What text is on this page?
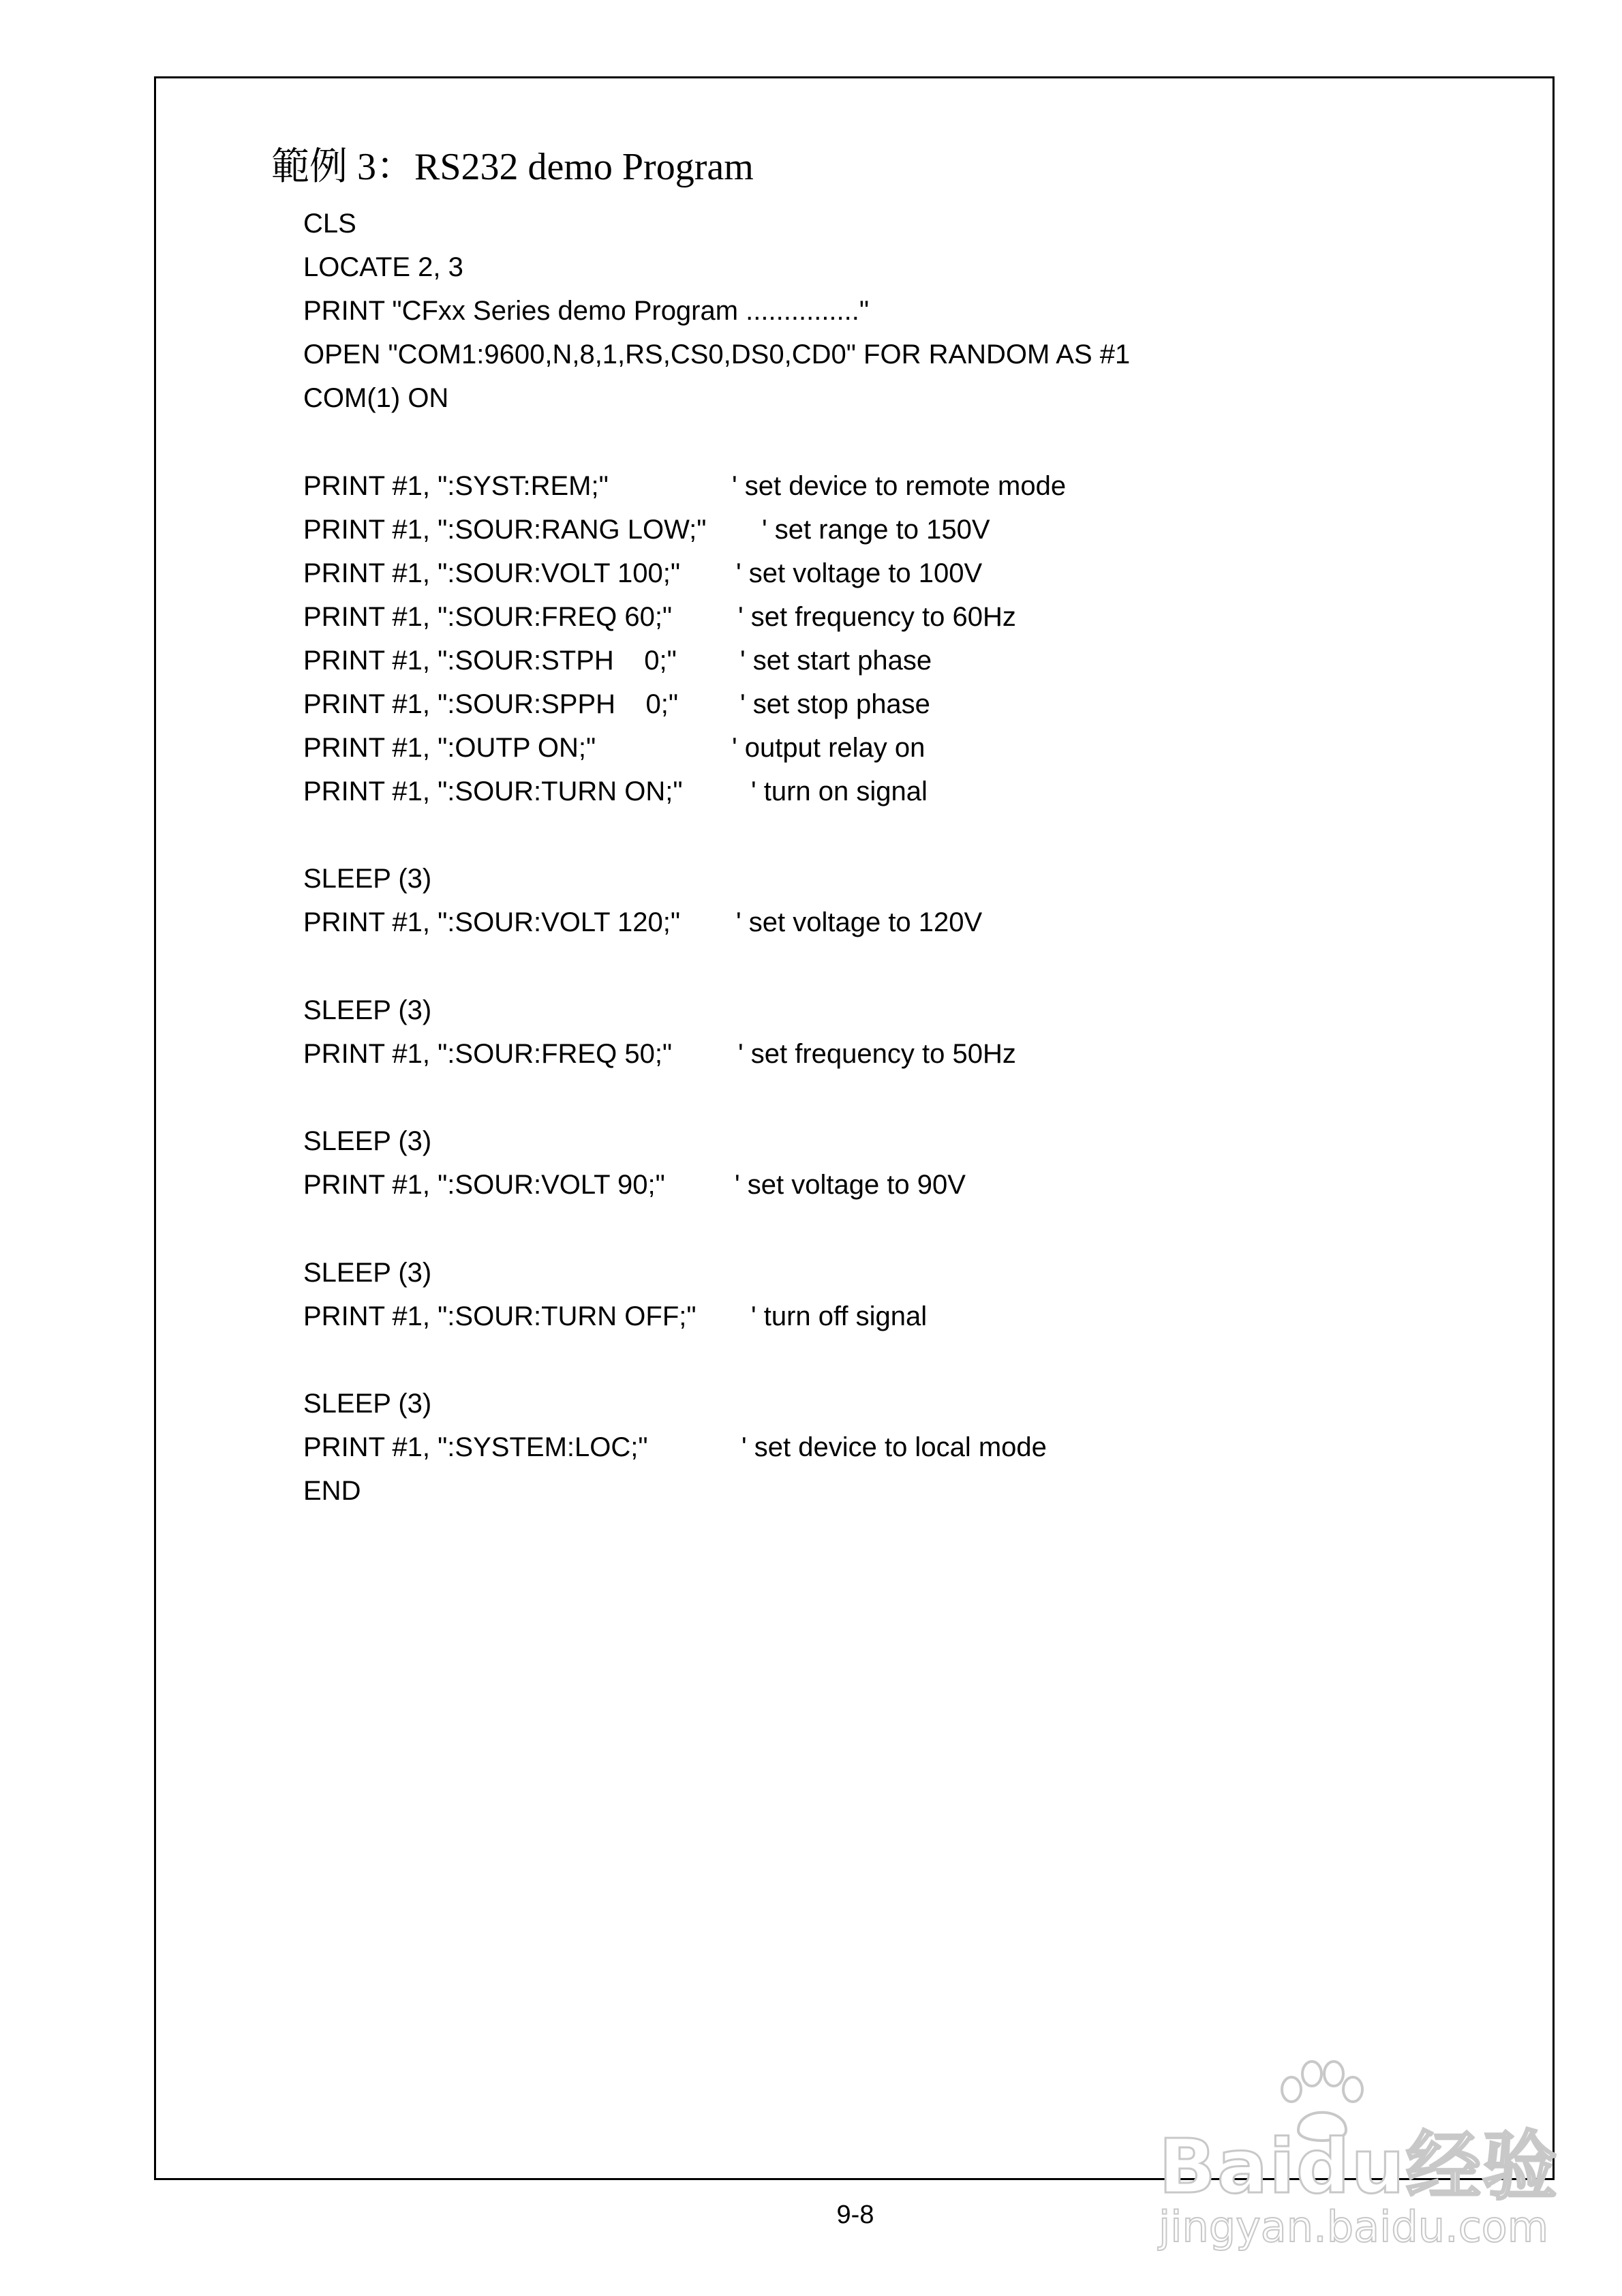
範例 3：RS232 demo Program
CLS
LOCATE 2, 3
PRINT "CFxx Series demo Program ..............."
OPEN "COM1:9600,N,8,1,RS,CS0,DS0,CD0" FOR RANDOM AS #1
COM(1) ON
PRINT #1, ":SYST:REM;"	' set device to remote mode
PRINT #1, ":SOUR:RANG LOW;" ' set range to 150V
PRINT #1, ":SOUR:VOLT 100;" ' set voltage to 100V
PRINT #1, ":SOUR:FREQ 60;" ' set frequency to 60Hz
PRINT #1, ":SOUR:STPH    0;" ' set start phase
PRINT #1, ":SOUR:SPPH    0;" ' set stop phase
PRINT #1, ":OUTP ON;"	' output relay on
PRINT #1, ":SOUR:TURN ON;"	' turn on signal
SLEEP (3)
PRINT #1, ":SOUR:VOLT 120;" ' set voltage to 120V
SLEEP (3)
PRINT #1, ":SOUR:FREQ 50;" ' set frequency to 50Hz
SLEEP (3)
PRINT #1, ":SOUR:VOLT 90;"	' set voltage to 90V
SLEEP (3)
PRINT #1, ":SOUR:TURN OFF;" ' turn off signal
SLEEP (3)
PRINT #1, ":SYSTEM:LOC;"	' set device to local mode
END
9-8
Baidu经验
jingyan.baidu.com
